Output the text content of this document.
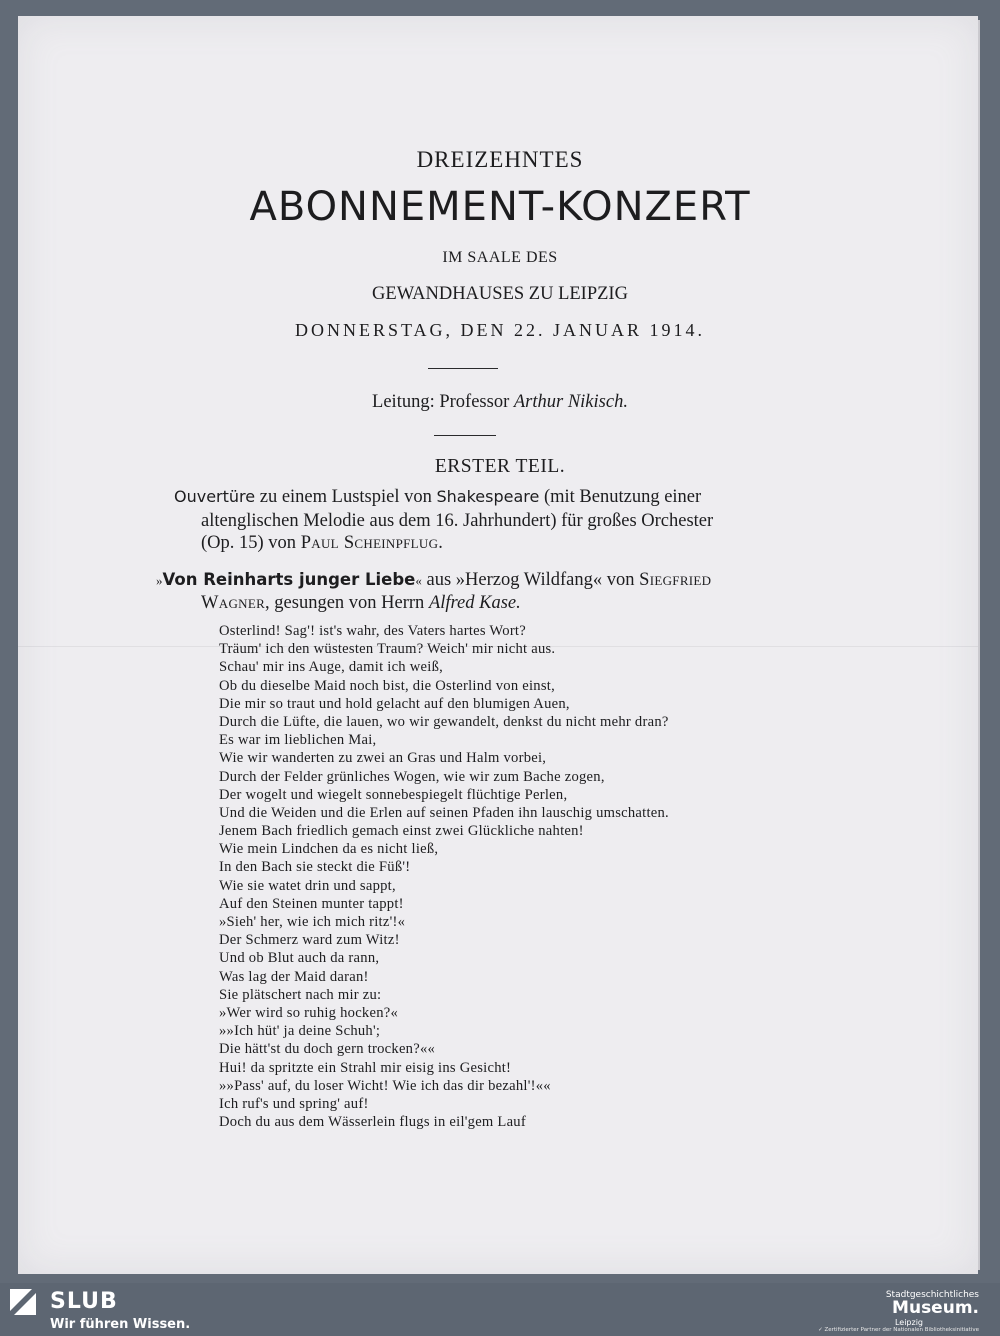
DREIZEHNTES
ABONNEMENT-KONZERT
IM SAALE DES
GEWANDHAUSES ZU LEIPZIG
DONNERSTAG, DEN 22. JANUAR 1914.
Leitung: Professor Arthur Nikisch.
ERSTER TEIL.
Ouvertüre zu einem Lustspiel von Shakespeare (mit Benutzung einer
altenglischen Melodie aus dem 16. Jahrhundert) für großes Orchester
(Op. 15) von Paul Scheinpflug.
»Von Reinharts junger Liebe« aus »Herzog Wildfang« von Siegfried
Wagner, gesungen von Herrn Alfred Kase.
Osterlind! Sag'! ist's wahr, des Vaters hartes Wort?
Träum' ich den wüstesten Traum? Weich' mir nicht aus.
Schau' mir ins Auge, damit ich weiß,
Ob du dieselbe Maid noch bist, die Osterlind von einst,
Die mir so traut und hold gelacht auf den blumigen Auen,
Durch die Lüfte, die lauen, wo wir gewandelt, denkst du nicht mehr dran?
Es war im lieblichen Mai,
Wie wir wanderten zu zwei an Gras und Halm vorbei,
Durch der Felder grünliches Wogen, wie wir zum Bache zogen,
Der wogelt und wiegelt sonnebespiegelt flüchtige Perlen,
Und die Weiden und die Erlen auf seinen Pfaden ihn lauschig umschatten.
Jenem Bach friedlich gemach einst zwei Glückliche nahten!
Wie mein Lindchen da es nicht ließ,
In den Bach sie steckt die Füß'!
Wie sie watet drin und sappt,
Auf den Steinen munter tappt!
»Sieh' her, wie ich mich ritz'!«
Der Schmerz ward zum Witz!
Und ob Blut auch da rann,
Was lag der Maid daran!
Sie plätschert nach mir zu:
»Wer wird so ruhig hocken?«
»»Ich hüt' ja deine Schuh';
Die hätt'st du doch gern trocken?««
Hui! da spritzte ein Strahl mir eisig ins Gesicht!
»»Pass' auf, du loser Wicht! Wie ich das dir bezahl'!««
Ich ruf's und spring' auf!
Doch du aus dem Wässerlein flugs in eil'gem Lauf
SLUB
Wir führen Wissen.
Stadtgeschichtliches
Museum.
Leipzig
✓ Zertifizierter Partner der Nationalen Bibliotheksinitiative
